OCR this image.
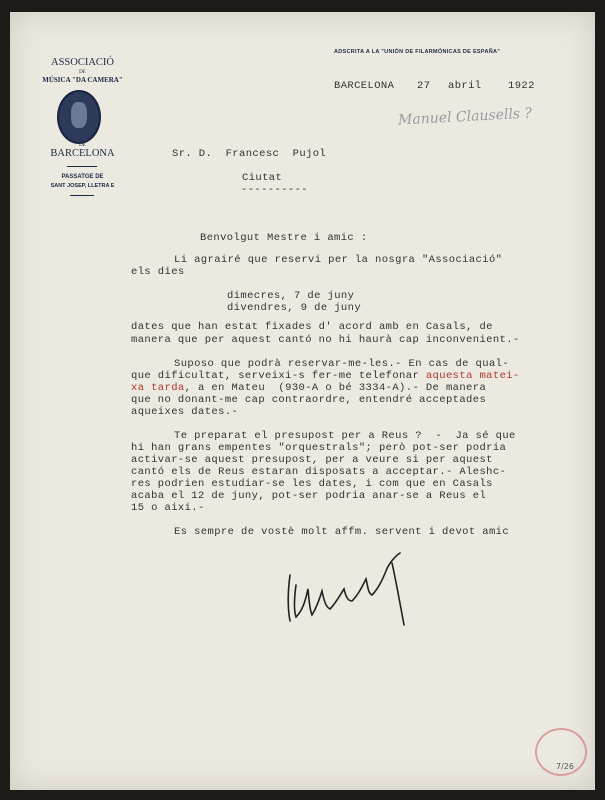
ASSOCIACIÓ

DE

MÚSICA "DA CAMERA"

DE

BARCELONA

PASSATGE DE

SANT JOSEP, LLETRA E

ADSCRITA A LA "UNIÓN DE FILARMÓNICAS DE ESPAÑA"

BARCELONA 27 abril	1922

Manuel Clausells ?

Sr. D.  Francesc  Pujol

Ciutat

----------

Benvolgut Mestre i amic :

Li agrairé que reservi per la nosgra "Associació"

els dies

dimecres, 7 de juny

divendres, 9 de juny

dates que han estat fixades d' acord amb en Casals, de

manera que per aquest cantó no hi haurà cap inconvenient.-

Suposo que podrà reservar-me-les.- En cas de qual-

que dificultat, serveixi-s fer-me telefonar aquesta matei-

xa tarda, a en Mateu  (930-A o bé 3334-A).- De manera

que no donant-me cap contraordre, entendré acceptades

aqueixes dates.-

Te preparat el presupost per a Reus ?  -  Ja sé que

hi han grans empentes "orquestrals"; però pot-ser podria

activar-se aquest presupost, per a veure si per aquest

cantó els de Reus estaran disposats a acceptar.- Aleshc-

res podrien estudiar-se les dates, i com que en Casals

acaba el 12 de juny, pot-ser podria anar-se a Reus el

15 o aixi.-

Es sempre de vostè molt affm. servent i devot amic

7/26
